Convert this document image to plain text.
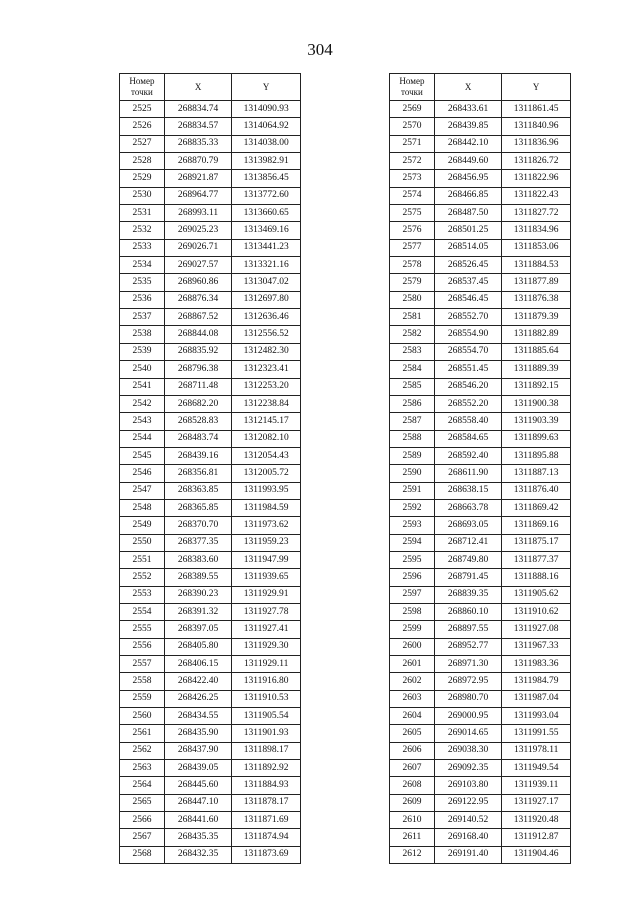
304
Номер точки	X	Y
2525	268834.74	1314090.93
2526	268834.57	1314064.92
2527	268835.33	1314038.00
2528	268870.79	1313982.91
2529	268921.87	1313856.45
2530	268964.77	1313772.60
2531	268993.11	1313660.65
2532	269025.23	1313469.16
2533	269026.71	1313441.23
2534	269027.57	1313321.16
2535	268960.86	1313047.02
2536	268876.34	1312697.80
2537	268867.52	1312636.46
2538	268844.08	1312556.52
2539	268835.92	1312482.30
2540	268796.38	1312323.41
2541	268711.48	1312253.20
2542	268682.20	1312238.84
2543	268528.83	1312145.17
2544	268483.74	1312082.10
2545	268439.16	1312054.43
2546	268356.81	1312005.72
2547	268363.85	1311993.95
2548	268365.85	1311984.59
2549	268370.70	1311973.62
2550	268377.35	1311959.23
2551	268383.60	1311947.99
2552	268389.55	1311939.65
2553	268390.23	1311929.91
2554	268391.32	1311927.78
2555	268397.05	1311927.41
2556	268405.80	1311929.30
2557	268406.15	1311929.11
2558	268422.40	1311916.80
2559	268426.25	1311910.53
2560	268434.55	1311905.54
2561	268435.90	1311901.93
2562	268437.90	1311898.17
2563	268439.05	1311892.92
2564	268445.60	1311884.93
2565	268447.10	1311878.17
2566	268441.60	1311871.69
2567	268435.35	1311874.94
2568	268432.35	1311873.69
Номер точки	X	Y
2569	268433.61	1311861.45
2570	268439.85	1311840.96
2571	268442.10	1311836.96
2572	268449.60	1311826.72
2573	268456.95	1311822.96
2574	268466.85	1311822.43
2575	268487.50	1311827.72
2576	268501.25	1311834.96
2577	268514.05	1311853.06
2578	268526.45	1311884.53
2579	268537.45	1311877.89
2580	268546.45	1311876.38
2581	268552.70	1311879.39
2582	268554.90	1311882.89
2583	268554.70	1311885.64
2584	268551.45	1311889.39
2585	268546.20	1311892.15
2586	268552.20	1311900.38
2587	268558.40	1311903.39
2588	268584.65	1311899.63
2589	268592.40	1311895.88
2590	268611.90	1311887.13
2591	268638.15	1311876.40
2592	268663.78	1311869.42
2593	268693.05	1311869.16
2594	268712.41	1311875.17
2595	268749.80	1311877.37
2596	268791.45	1311888.16
2597	268839.35	1311905.62
2598	268860.10	1311910.62
2599	268897.55	1311927.08
2600	268952.77	1311967.33
2601	268971.30	1311983.36
2602	268972.95	1311984.79
2603	268980.70	1311987.04
2604	269000.95	1311993.04
2605	269014.65	1311991.55
2606	269038.30	1311978.11
2607	269092.35	1311949.54
2608	269103.80	1311939.11
2609	269122.95	1311927.17
2610	269140.52	1311920.48
2611	269168.40	1311912.87
2612	269191.40	1311904.46
